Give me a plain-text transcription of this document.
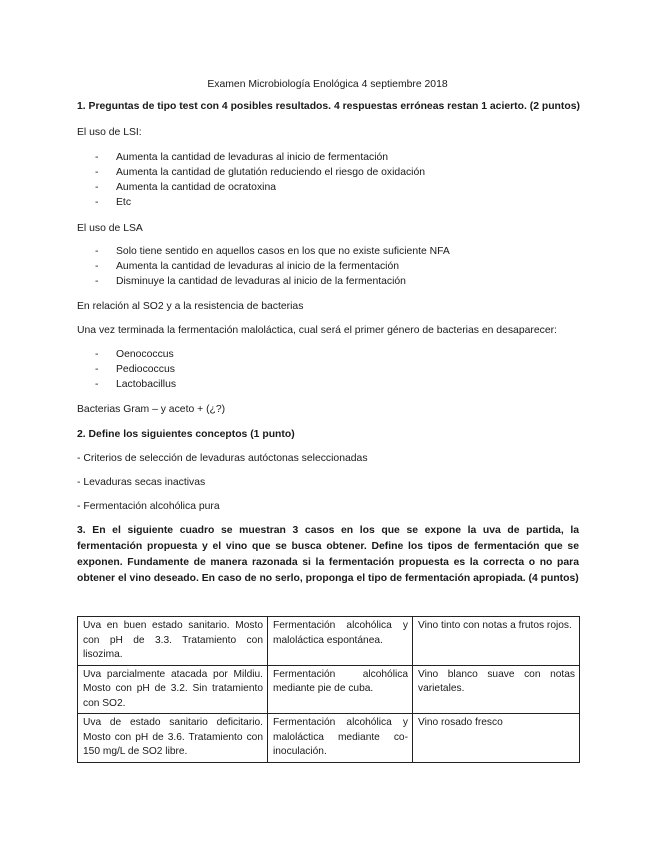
Examen Microbiología Enológica 4 septiembre 2018
1. Preguntas de tipo test con 4 posibles resultados. 4 respuestas erróneas restan 1 acierto. (2 puntos)
El uso de LSI:
- Aumenta la cantidad de levaduras al inicio de fermentación
- Aumenta la cantidad de glutatión reduciendo el riesgo de oxidación
- Aumenta la cantidad de ocratoxina
- Etc
El uso de LSA
- Solo tiene sentido en aquellos casos en los que no existe suficiente NFA
- Aumenta la cantidad de levaduras al inicio de la fermentación
- Disminuye la cantidad de levaduras al inicio de la fermentación
En relación al SO2 y a la resistencia de bacterias
Una vez terminada la fermentación maloláctica, cual será el primer género de bacterias en desaparecer:
- Oenococcus
- Pediococcus
- Lactobacillus
Bacterias Gram – y aceto + (¿?)
2. Define los siguientes conceptos (1 punto)
- Criterios de selección de levaduras autóctonas seleccionadas
- Levaduras secas inactivas
- Fermentación alcohólica pura
3. En el siguiente cuadro se muestran 3 casos en los que se expone la uva de partida, la fermentación propuesta y el vino que se busca obtener. Define los tipos de fermentación que se exponen. Fundamente de manera razonada si la fermentación propuesta es la correcta o no para obtener el vino deseado. En caso de no serlo, proponga el tipo de fermentación apropiada. (4 puntos)
Uva en buen estado sanitario. Mosto con pH de 3.3. Tratamiento con lisozima.	Fermentación alcohólica y maloláctica espontánea.	Vino tinto con notas a frutos rojos.
Uva parcialmente atacada por Mildiu. Mosto con pH de 3.2. Sin tratamiento con SO2.	Fermentación alcohólica mediante pie de cuba.	Vino blanco suave con notas varietales.
Uva de estado sanitario deficitario. Mosto con pH de 3.6. Tratamiento con 150 mg/L de SO2 libre.	Fermentación alcohólica y maloláctica mediante co-inoculación.	Vino rosado fresco
